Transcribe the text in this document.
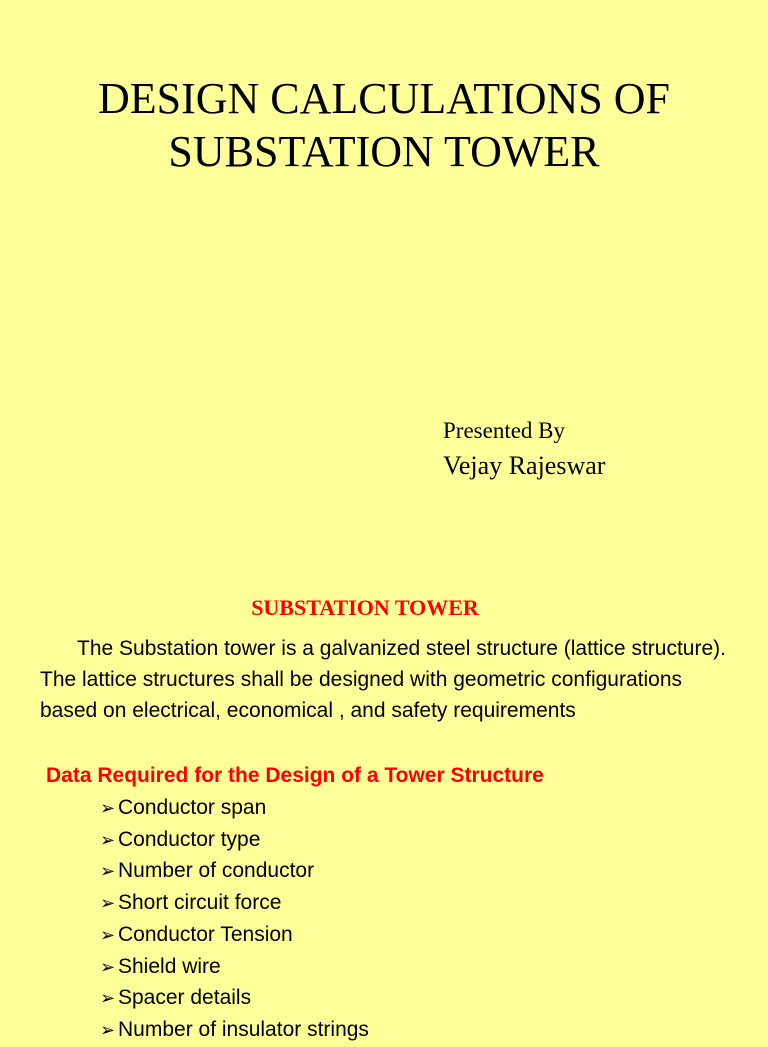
DESIGN CALCULATIONS OF
SUBSTATION TOWER
Presented By
Vejay Rajeswar
SUBSTATION TOWER

The Substation tower is a galvanized steel structure (lattice structure). The lattice structures shall be designed with geometric configurations based on electrical, economical , and safety requirements

Data Required for the Design of a Tower Structure
➢ Conductor span
➢ Conductor type
➢ Number of conductor
➢ Short circuit force
➢ Conductor Tension
➢ Shield wire
➢ Spacer details
➢ Number of insulator strings
